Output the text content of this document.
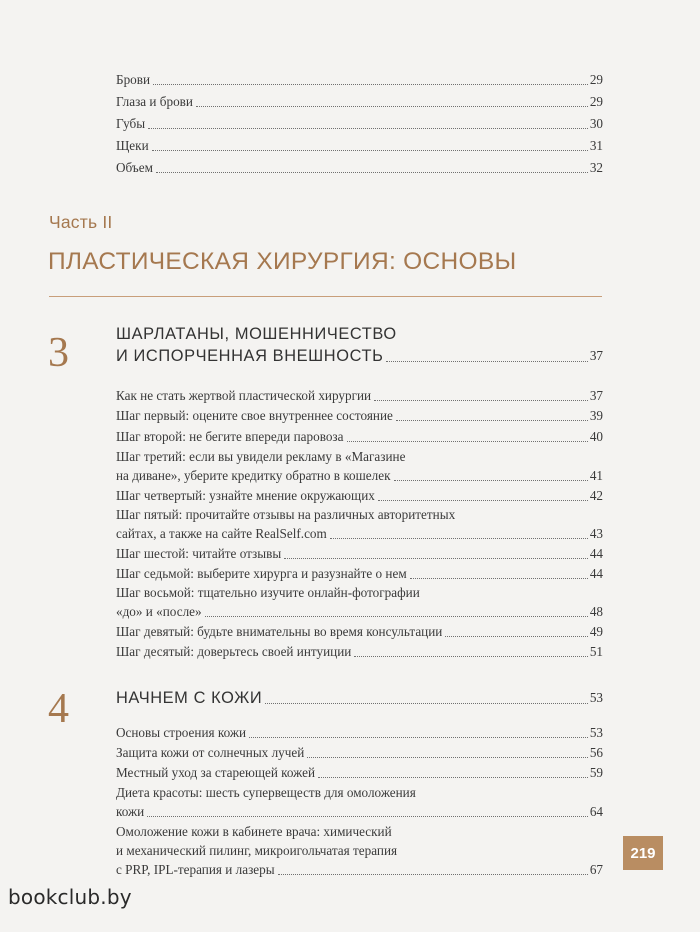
Брови	29
Глаза и брови	29
Губы	30
Щеки	31
Объем	32
Часть II
ПЛАСТИЧЕСКАЯ ХИРУРГИЯ: ОСНОВЫ
3	ШАРЛАТАНЫ, МОШЕННИЧЕСТВО
И ИСПОРЧЕННАЯ ВНЕШНОСТЬ	37
Как не стать жертвой пластической хирургии	37
Шаг первый: оцените свое внутреннее состояние	39
Шаг второй: не бегите впереди паровоза	40
Шаг третий: если вы увидели рекламу в «Магазине
на диване», уберите кредитку обратно в кошелек	41
Шаг четвертый: узнайте мнение окружающих	42
Шаг пятый: прочитайте отзывы на различных авторитетных
сайтах, а также на сайте RealSelf.com	43
Шаг шестой: читайте отзывы	44
Шаг седьмой: выберите хирурга и разузнайте о нем	44
Шаг восьмой: тщательно изучите онлайн-фотографии
«до» и «после»	48
Шаг девятый: будьте внимательны во время консультации	49
Шаг десятый: доверьтесь своей интуиции	51
4	НАЧНЕМ С КОЖИ	53
Основы строения кожи	53
Защита кожи от солнечных лучей	56
Местный уход за стареющей кожей	59
Диета красоты: шесть супервеществ для омоложения
кожи	64
Омоложение кожи в кабинете врача: химический
и механический пилинг, микроигольчатая терапия
с PRP, IPL-терапия и лазеры	67
219
bookclub.by
